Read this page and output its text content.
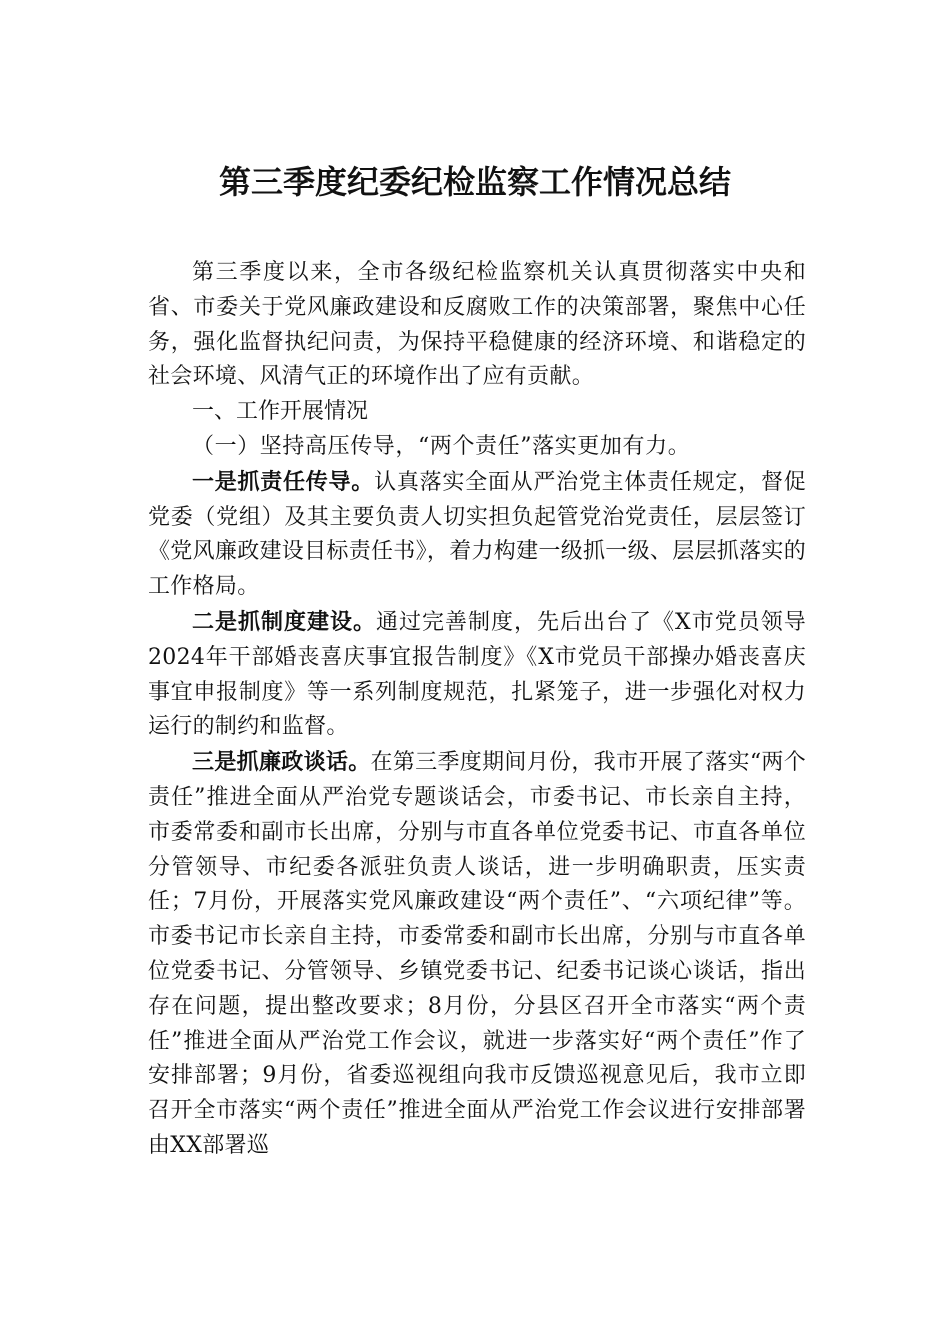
第三季度纪委纪检监察工作情况总结

第三季度以来，全市各级纪检监察机关认真贯彻落实中央和省、市委关于党风廉政建设和反腐败工作的决策部署，聚焦中心任务，强化监督执纪问责，为保持平稳健康的经济环境、和谐稳定的社会环境、风清气正的环境作出了应有贡献。

一、工作开展情况

（一）坚持高压传导，“两个责任”落实更加有力。

一是抓责任传导。认真落实全面从严治党主体责任规定，督促党委（党组）及其主要负责人切实担负起管党治党责任，层层签订《党风廉政建设目标责任书》，着力构建一级抓一级、层层抓落实的工作格局。

二是抓制度建设。通过完善制度，先后出台了《X市党员领导2024年干部婚丧喜庆事宜报告制度》《X市党员干部操办婚丧喜庆事宜申报制度》等一系列制度规范，扎紧笼子，进一步强化对权力运行的制约和监督。

三是抓廉政谈话。在第三季度期间月份，我市开展了落实“两个责任”推进全面从严治党专题谈话会，市委书记、市长亲自主持，市委常委和副市长出席，分别与市直各单位党委书记、市直各单位分管领导、市纪委各派驻负责人谈话，进一步明确职责，压实责任；7月份，开展落实党风廉政建设“两个责任”、“六项纪律”等。市委书记市长亲自主持，市委常委和副市长出席，分别与市直各单位党委书记、分管领导、乡镇党委书记、纪委书记谈心谈话，指出存在问题，提出整改要求；8月份，分县区召开全市落实“两个责任”推进全面从严治党工作会议，就进一步落实好“两个责任”作了安排部署；9月份，省委巡视组向我市反馈巡视意见后，我市立即召开全市落实“两个责任”推进全面从严治党工作会议进行安排部署由XX部署巡
